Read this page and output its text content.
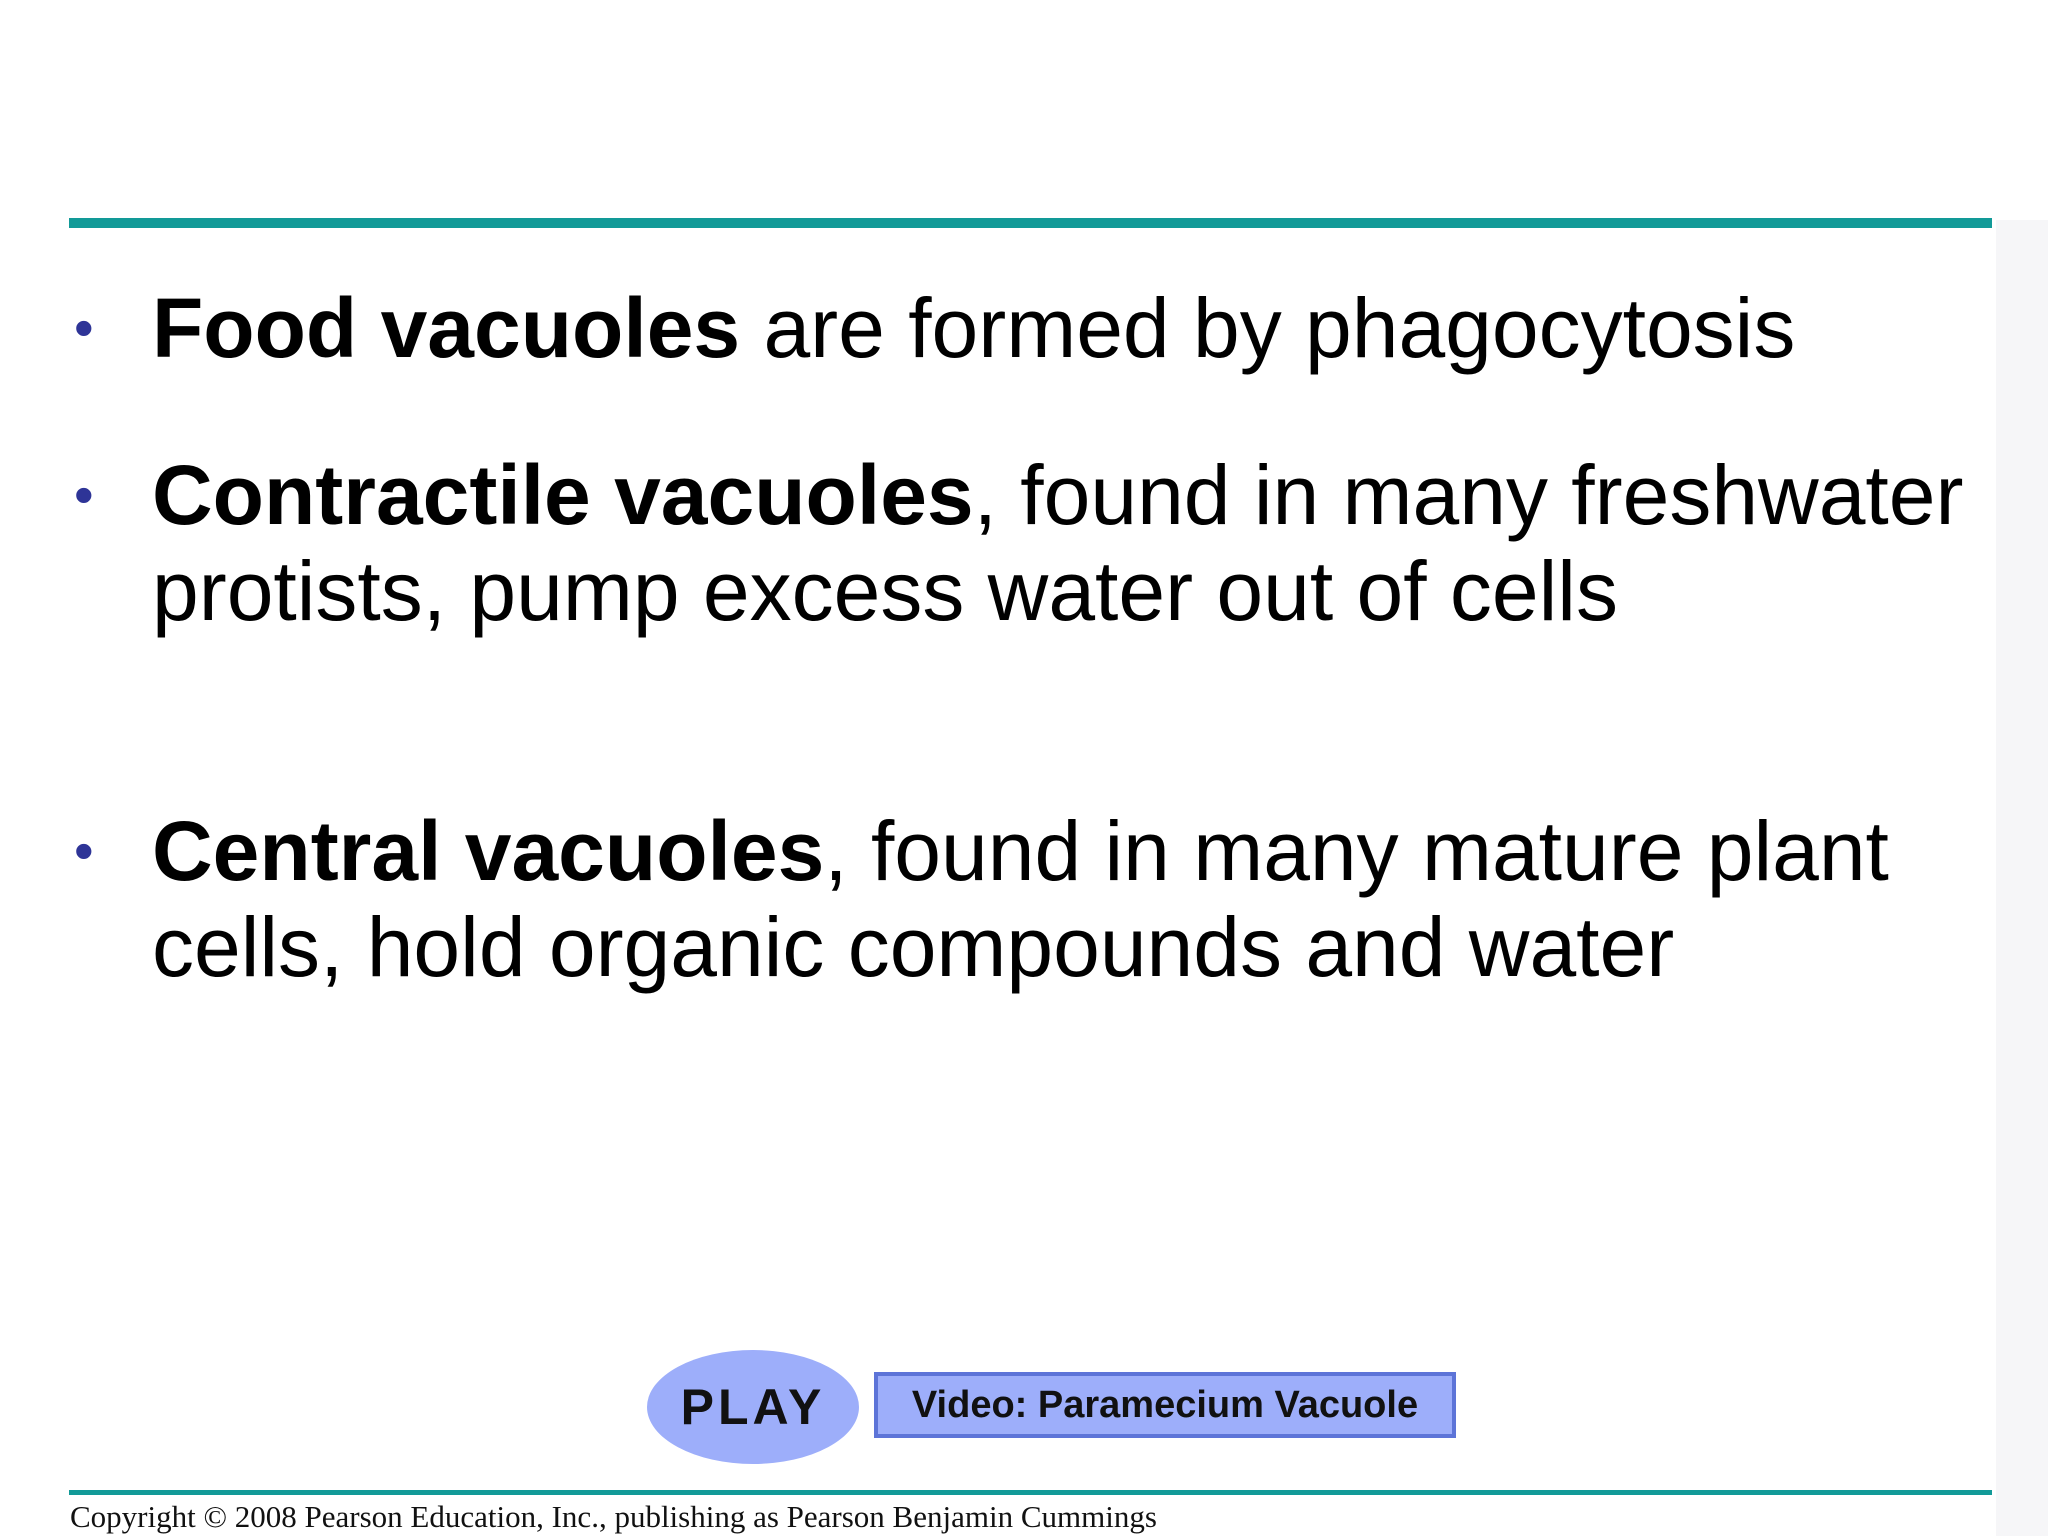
• Food vacuoles are formed by phagocytosis
• Contractile vacuoles, found in many freshwater protists, pump excess water out of cells
• Central vacuoles, found in many mature plant cells, hold organic compounds and water
PLAY Video: Paramecium Vacuole
Copyright © 2008 Pearson Education, Inc., publishing as Pearson Benjamin Cummings
